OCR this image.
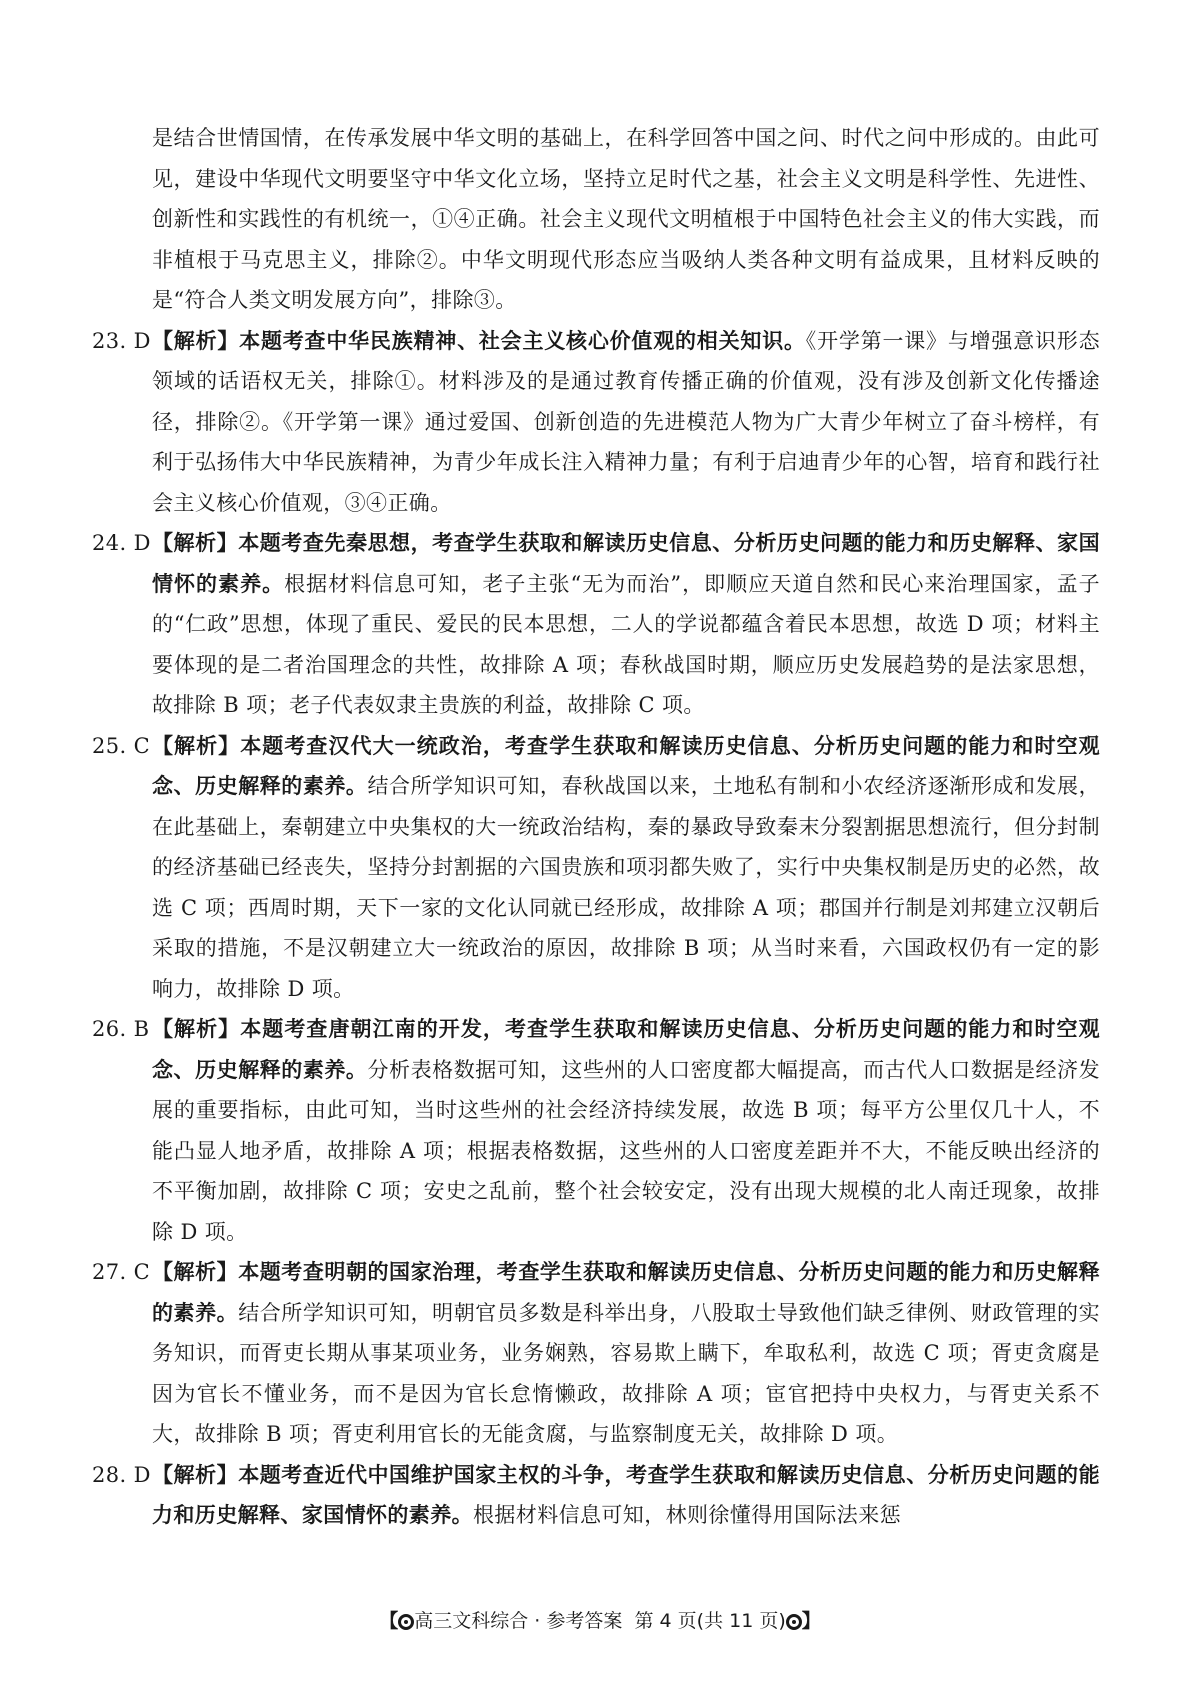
是结合世情国情，在传承发展中华文明的基础上，在科学回答中国之问、时代之问中形成的。由此可见，建设中华现代文明要坚守中华文化立场，坚持立足时代之基，社会主义文明是科学性、先进性、创新性和实践性的有机统一，①④正确。社会主义现代文明植根于中国特色社会主义的伟大实践，而非植根于马克思主义，排除②。中华文明现代形态应当吸纳人类各种文明有益成果，且材料反映的是“符合人类文明发展方向”，排除③。

23. D 【解析】本题考查中华民族精神、社会主义核心价值观的相关知识。《开学第一课》与增强意识形态领域的话语权无关，排除①。材料涉及的是通过教育传播正确的价值观，没有涉及创新文化传播途径，排除②。《开学第一课》通过爱国、创新创造的先进模范人物为广大青少年树立了奋斗榜样，有利于弘扬伟大中华民族精神，为青少年成长注入精神力量；有利于启迪青少年的心智，培育和践行社会主义核心价值观，③④正确。

24. D 【解析】本题考查先秦思想，考查学生获取和解读历史信息、分析历史问题的能力和历史解释、家国情怀的素养。根据材料信息可知，老子主张“无为而治”，即顺应天道自然和民心来治理国家，孟子的“仁政”思想，体现了重民、爱民的民本思想，二人的学说都蕴含着民本思想，故选 D 项；材料主要体现的是二者治国理念的共性，故排除 A 项；春秋战国时期，顺应历史发展趋势的是法家思想，故排除 B 项；老子代表奴隶主贵族的利益，故排除 C 项。

25. C 【解析】本题考查汉代大一统政治，考查学生获取和解读历史信息、分析历史问题的能力和时空观念、历史解释的素养。结合所学知识可知，春秋战国以来，土地私有制和小农经济逐渐形成和发展，在此基础上，秦朝建立中央集权的大一统政治结构，秦的暴政导致秦末分裂割据思想流行，但分封制的经济基础已经丧失，坚持分封割据的六国贵族和项羽都失败了，实行中央集权制是历史的必然，故选 C 项；西周时期，天下一家的文化认同就已经形成，故排除 A 项；郡国并行制是刘邦建立汉朝后采取的措施，不是汉朝建立大一统政治的原因，故排除 B 项；从当时来看，六国政权仍有一定的影响力，故排除 D 项。

26. B 【解析】本题考查唐朝江南的开发，考查学生获取和解读历史信息、分析历史问题的能力和时空观念、历史解释的素养。分析表格数据可知，这些州的人口密度都大幅提高，而古代人口数据是经济发展的重要指标，由此可知，当时这些州的社会经济持续发展，故选 B 项；每平方公里仅几十人，不能凸显人地矛盾，故排除 A 项；根据表格数据，这些州的人口密度差距并不大，不能反映出经济的不平衡加剧，故排除 C 项；安史之乱前，整个社会较安定，没有出现大规模的北人南迁现象，故排除 D 项。

27. C 【解析】本题考查明朝的国家治理，考查学生获取和解读历史信息、分析历史问题的能力和历史解释的素养。结合所学知识可知，明朝官员多数是科举出身，八股取士导致他们缺乏律例、财政管理的实务知识，而胥吏长期从事某项业务，业务娴熟，容易欺上瞒下，牟取私利，故选 C 项；胥吏贪腐是因为官长不懂业务，而不是因为官长怠惰懒政，故排除 A 项；宦官把持中央权力，与胥吏关系不大，故排除 B 项；胥吏利用官长的无能贪腐，与监察制度无关，故排除 D 项。

28. D 【解析】本题考查近代中国维护国家主权的斗争，考查学生获取和解读历史信息、分析历史问题的能力和历史解释、家国情怀的素养。根据材料信息可知，林则徐懂得用国际法来惩

【 高三文科综合 · 参考答案 第 4 页(共 11 页) 】
